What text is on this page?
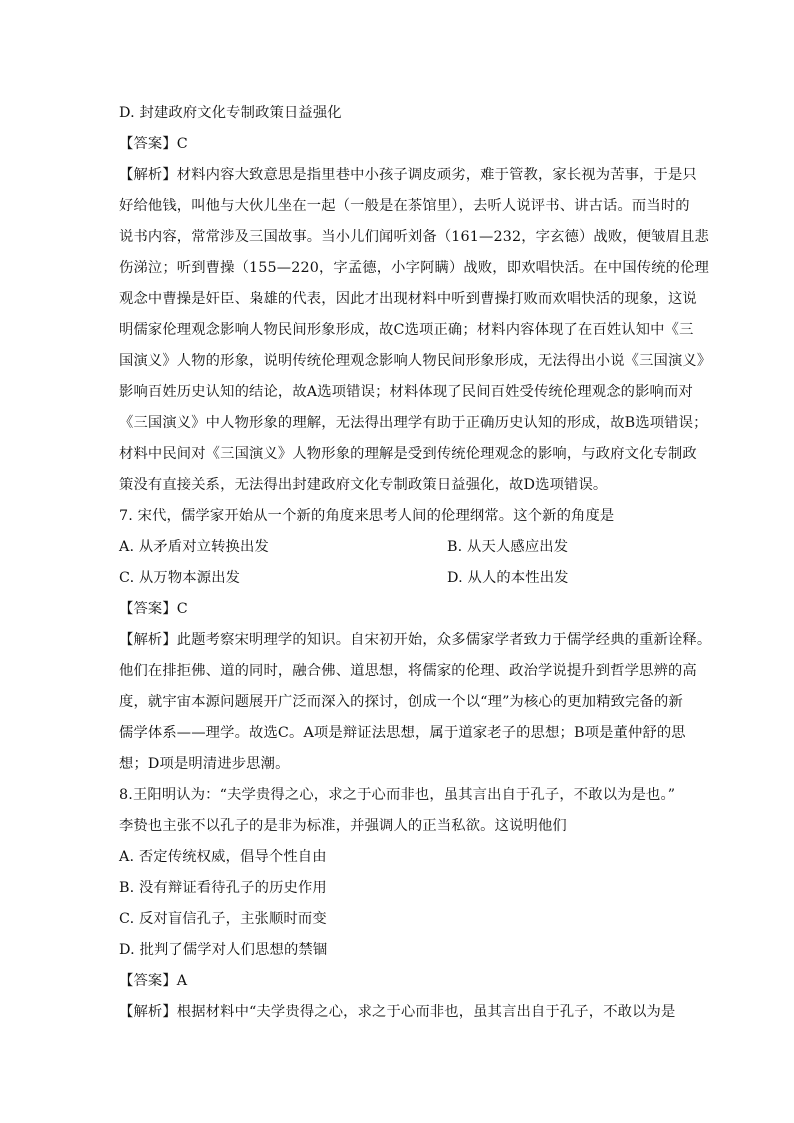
D. 封建政府文化专制政策日益强化
【答案】C
【解析】材料内容大致意思是指里巷中小孩子调皮顽劣，难于管教，家长视为苦事，于是只
好给他钱，叫他与大伙儿坐在一起（一般是在茶馆里），去听人说评书、讲古话。而当时的
说书内容，常常涉及三国故事。当小儿们闻听刘备（161—232，字玄德）战败，便皱眉且悲
伤涕泣；听到曹操（155—220，字孟德，小字阿瞒）战败，即欢唱快活。在中国传统的伦理
观念中曹操是奸臣、枭雄的代表，因此才出现材料中听到曹操打败而欢唱快活的现象，这说
明儒家伦理观念影响人物民间形象形成，故C选项正确；材料内容体现了在百姓认知中《三
国演义》人物的形象，说明传统伦理观念影响人物民间形象形成，无法得出小说《三国演义》
影响百姓历史认知的结论，故A选项错误；材料体现了民间百姓受传统伦理观念的影响而对
《三国演义》中人物形象的理解，无法得出理学有助于正确历史认知的形成，故B选项错误；
材料中民间对《三国演义》人物形象的理解是受到传统伦理观念的影响，与政府文化专制政
策没有直接关系，无法得出封建政府文化专制政策日益强化，故D选项错误。
7. 宋代，儒学家开始从一个新的角度来思考人间的伦理纲常。这个新的角度是
A. 从矛盾对立转换出发	B. 从天人感应出发
C. 从万物本源出发	D. 从人的本性出发
【答案】C
【解析】此题考察宋明理学的知识。自宋初开始，众多儒家学者致力于儒学经典的重新诠释。
他们在排拒佛、道的同时，融合佛、道思想，将儒家的伦理、政治学说提升到哲学思辨的高
度，就宇宙本源问题展开广泛而深入的探讨，创成一个以“理”为核心的更加精致完备的新
儒学体系——理学。故选C。A项是辩证法思想，属于道家老子的思想；B项是董仲舒的思
想；D项是明清进步思潮。
8.王阳明认为：“夫学贵得之心，求之于心而非也，虽其言出自于孔子，不敢以为是也。”
李贽也主张不以孔子的是非为标准，并强调人的正当私欲。这说明他们
A. 否定传统权威，倡导个性自由
B. 没有辩证看待孔子的历史作用
C. 反对盲信孔子，主张顺时而变
D. 批判了儒学对人们思想的禁锢
【答案】A
【解析】根据材料中“夫学贵得之心，求之于心而非也，虽其言出自于孔子，不敢以为是
